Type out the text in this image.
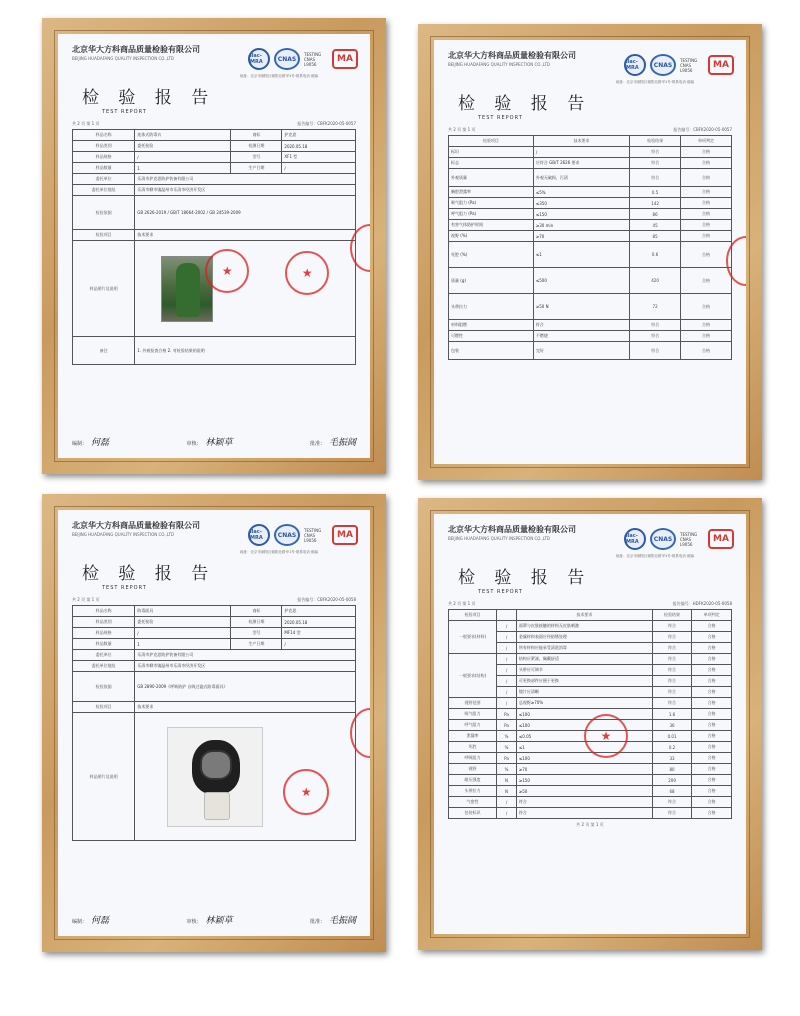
北京华大方科商品质量检验有限公司
BEIJING HUADAFANG QUALITY INSPECTION CO.,LTD	ilac-MRA	CNAS
TESTING CNAS L9056	MA
地址：北京市朝阳区朝阳北路甲1号·联系电话·邮编
检 验 报 告
TEST REPORT
共 2 页 第 1 页	报告编号：CBFK2020-05-0057
样品名称	连体式防毒衣	商标	护克思
样品类别	委托检验	检测日期	2020.05.18
样品规格	/	型号	XF1 型
样品数量	1	生产日期	/
委托单位	乐清市护克思防护装备有限公司		
委托单位地址	乐清市柳市镇温州市乐清市经济开发区		
检验依据	GB 2626-2019 / GB/T 18664-2002 / GB 24539-2009		
检验项目	技术要求		
样品照片及说明	★ ★		

备注	1. 外观检查合格 2. 对检验结果的说明		
编制： 何磊	审核： 林颖草	批准： 毛振阔
北京华大方科商品质量检验有限公司
BEIJING HUADAFANG QUALITY INSPECTION CO.,LTD	ilac-MRA	CNAS
TESTING CNAS L9056	MA
地址：北京市朝阳区朝阳北路甲1号·联系电话·邮编
检 验 报 告
TEST REPORT
共 2 页 第 1 页	报告编号：CBFK2020-05-0057
检验项目	技术要求	检验结果	单项判定
标识	/	符合	合格
标志	应符合 GB/T 2626 要求	符合	合格
外观质量	外观无破损、污渍	符合	合格
胸腔泄露率	≤5%	0.5	合格
吸气阻力 (Pa)	≤350	142	合格
呼气阻力 (Pa)	≤150	86	合格
有害气体防护时间	≥30 min	45	合格
视野 (%)	≥70	85	合格
死腔 (%)	≤1	0.6	合格
质量 (g)	≤500	420	合格
头带拉力	≥50 N	72	合格
材料阻燃	符合	符合	合格
可燃性	不燃烧	符合	合格
包装	完好	符合	合格
北京华大方科商品质量检验有限公司
BEIJING HUADAFANG QUALITY INSPECTION CO.,LTD	ilac-MRA	CNAS
TESTING CNAS L9056	MA
地址：北京市朝阳区朝阳北路甲1号·联系电话·邮编
检 验 报 告
TEST REPORT
共 2 页 第 1 页	报告编号：CBFK2020-05-0058
样品名称	防毒面具	商标	护克思
样品类别	委托检验	检测日期	2020.05.18
样品规格	/	型号	MF14 型
样品数量	1	生产日期	/
委托单位	乐清市护克思防护装备有限公司		
委托单位地址	乐清市柳市镇温州市乐清市经济开发区		
检验依据	GB 2890-2009《呼吸防护 自吸过滤式防毒面具》		
检验项目	技术要求		
样品照片及说明	★		
编制： 何磊	审核： 林颖草	批准： 毛振阔
北京华大方科商品质量检验有限公司
BEIJING HUADAFANG QUALITY INSPECTION CO.,LTD	ilac-MRA	CNAS
TESTING CNAS L9056	MA
地址：北京市朝阳区朝阳北路甲1号·联系电话·邮编
检 验 报 告
TEST REPORT
共 2 页 第 1 页	报告编号：HDFK2020-05-0058
检验项目		技术要求	检验结果	单项判定
一般要求(材料)	/	面罩与皮肤接触的材料无皮肤刺激	符合	合格
	/	金属材料表面应经防锈处理	符合	合格
	/	所有材料应能承受清洗消毒	符合	合格
一般要求(结构)	/	结构应紧凑、佩戴舒适	符合	合格
	/	头带应可调节	符合	合格
	/	可更换部件应便于更换	符合	合格
	/	镜片应清晰	符合	合格
视野范围	/	总视野≥70%	符合	合格
吸气阻力	Pa	≤100	1.6	合格
呼气阻力	Pa	≤100	36	合格
泄漏率	%	≤0.05	0.01	合格
死腔	%	≤1	0.2	合格
呼吸阻力	Pa	≤100	33	合格
视野	%	≥70	80	合格
耐压强度	N	≥150	209	合格
头带拉力	N	≥50	68	合格
气密性	/	符合	符合	合格
包装标识	/	符合	符合	合格
★
共 2 页 第 1 页
